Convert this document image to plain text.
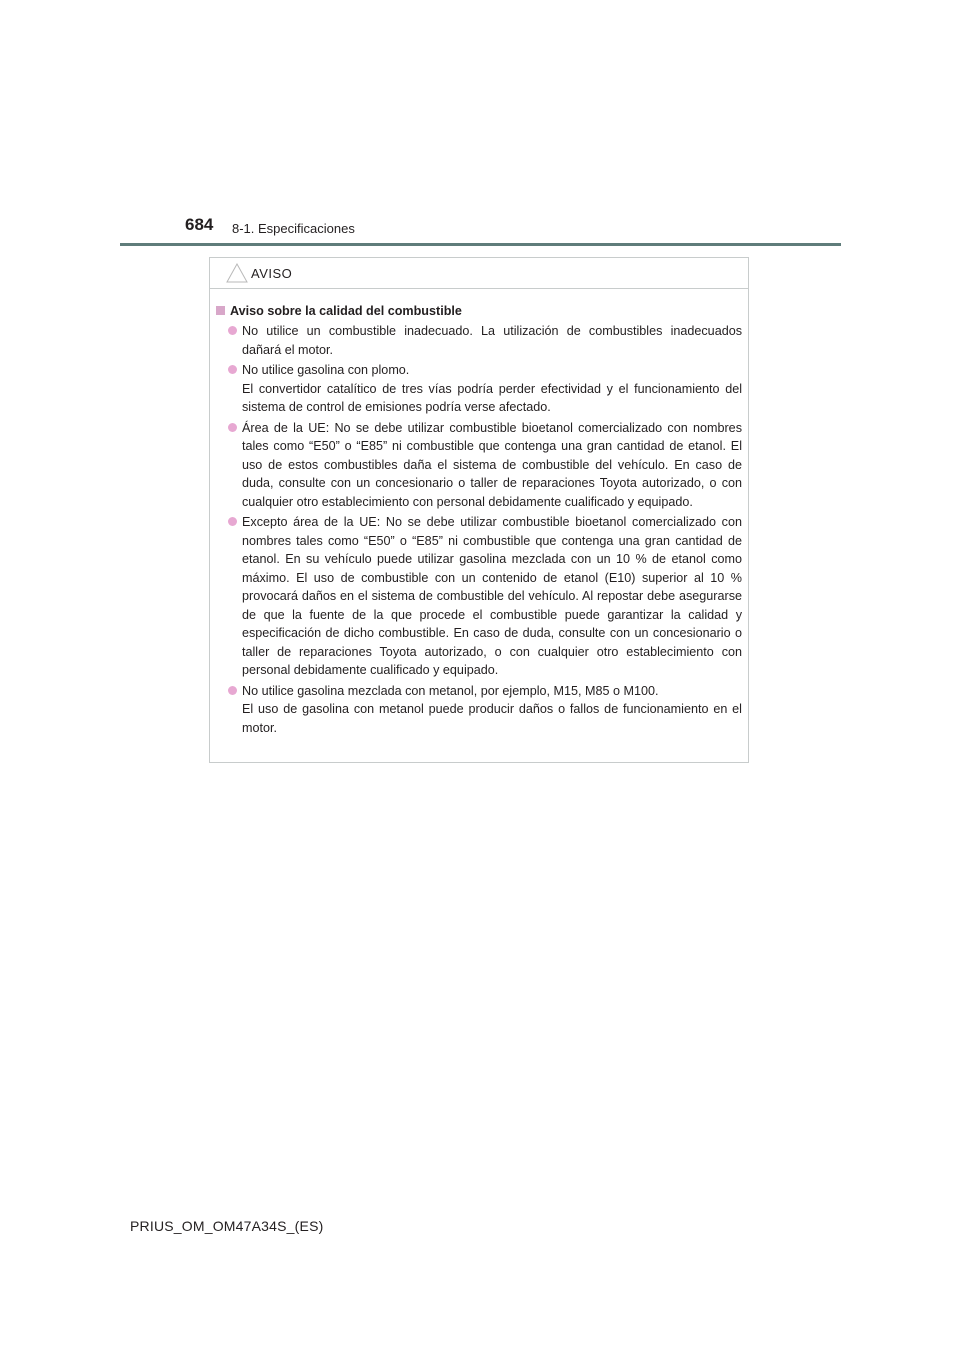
684 8-1. Especificaciones
AVISO
Aviso sobre la calidad del combustible

No utilice un combustible inadecuado. La utilización de combustibles inadecuados dañará el motor.

No utilice gasolina con plomo.
El convertidor catalítico de tres vías podría perder efectividad y el funcionamiento del sistema de control de emisiones podría verse afectado.

Área de la UE: No se debe utilizar combustible bioetanol comercializado con nombres tales como “E50” o “E85” ni combustible que contenga una gran cantidad de etanol. El uso de estos combustibles daña el sistema de combustible del vehículo. En caso de duda, consulte con un concesionario o taller de reparaciones Toyota autorizado, o con cualquier otro establecimiento con personal debidamente cualificado y equipado.

Excepto área de la UE: No se debe utilizar combustible bioetanol comercializado con nombres tales como “E50” o “E85” ni combustible que contenga una gran cantidad de etanol. En su vehículo puede utilizar gasolina mezclada con un 10 % de etanol como máximo. El uso de combustible con un contenido de etanol (E10) superior al 10 % provocará daños en el sistema de combustible del vehículo. Al repostar debe asegurarse de que la fuente de la que procede el combustible puede garantizar la calidad y especificación de dicho combustible. En caso de duda, consulte con un concesionario o taller de reparaciones Toyota autorizado, o con cualquier otro establecimiento con personal debidamente cualificado y equipado.

No utilice gasolina mezclada con metanol, por ejemplo, M15, M85 o M100.
El uso de gasolina con metanol puede producir daños o fallos de funcionamiento en el motor.

PRIUS_OM_OM47A34S_(ES)
